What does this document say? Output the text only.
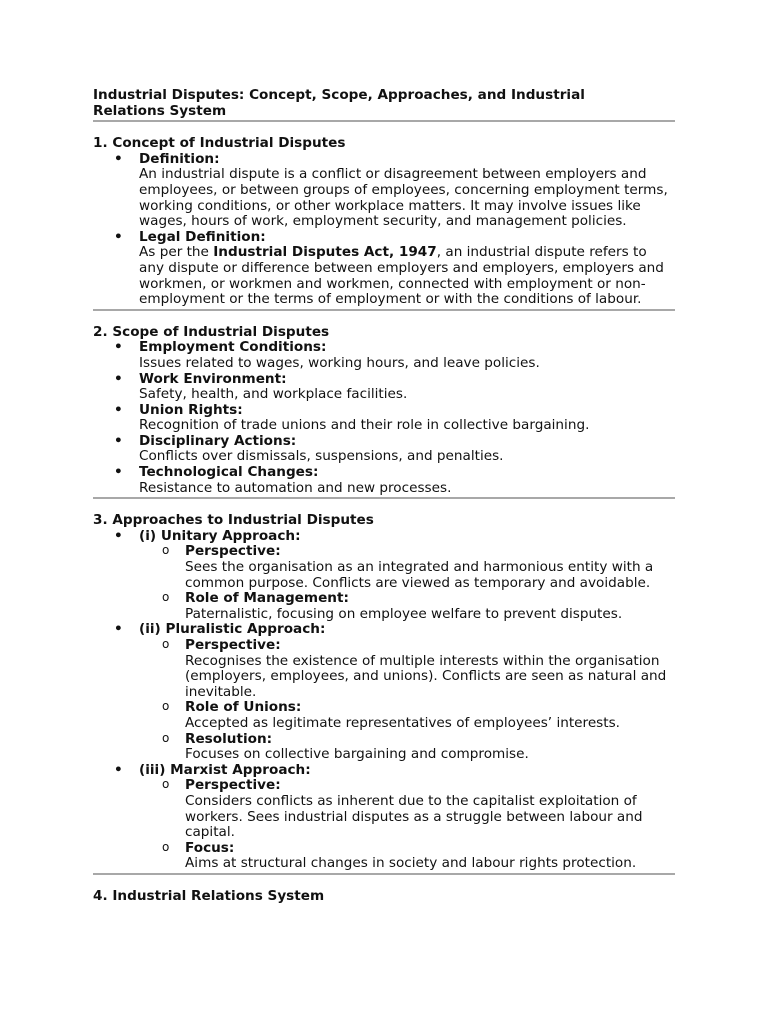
Industrial Disputes: Concept, Scope, Approaches, and Industrial Relations System
1. Concept of Industrial Disputes
• Definition:
An industrial dispute is a conflict or disagreement between employers and employees, or between groups of employees, concerning employment terms, working conditions, or other workplace matters. It may involve issues like wages, hours of work, employment security, and management policies.
• Legal Definition:
As per the Industrial Disputes Act, 1947, an industrial dispute refers to any dispute or difference between employers and employers, employers and workmen, or workmen and workmen, connected with employment or non-employment or the terms of employment or with the conditions of labour.
2. Scope of Industrial Disputes
• Employment Conditions:
Issues related to wages, working hours, and leave policies.
• Work Environment:
Safety, health, and workplace facilities.
• Union Rights:
Recognition of trade unions and their role in collective bargaining.
• Disciplinary Actions:
Conflicts over dismissals, suspensions, and penalties.
• Technological Changes:
Resistance to automation and new processes.
3. Approaches to Industrial Disputes
• (i) Unitary Approach:
o Perspective:
Sees the organisation as an integrated and harmonious entity with a common purpose. Conflicts are viewed as temporary and avoidable.
o Role of Management:
Paternalistic, focusing on employee welfare to prevent disputes.
• (ii) Pluralistic Approach:
o Perspective:
Recognises the existence of multiple interests within the organisation (employers, employees, and unions). Conflicts are seen as natural and inevitable.
o Role of Unions:
Accepted as legitimate representatives of employees’ interests.
o Resolution:
Focuses on collective bargaining and compromise.
• (iii) Marxist Approach:
o Perspective:
Considers conflicts as inherent due to the capitalist exploitation of workers. Sees industrial disputes as a struggle between labour and capital.
o Focus:
Aims at structural changes in society and labour rights protection.
4. Industrial Relations System
